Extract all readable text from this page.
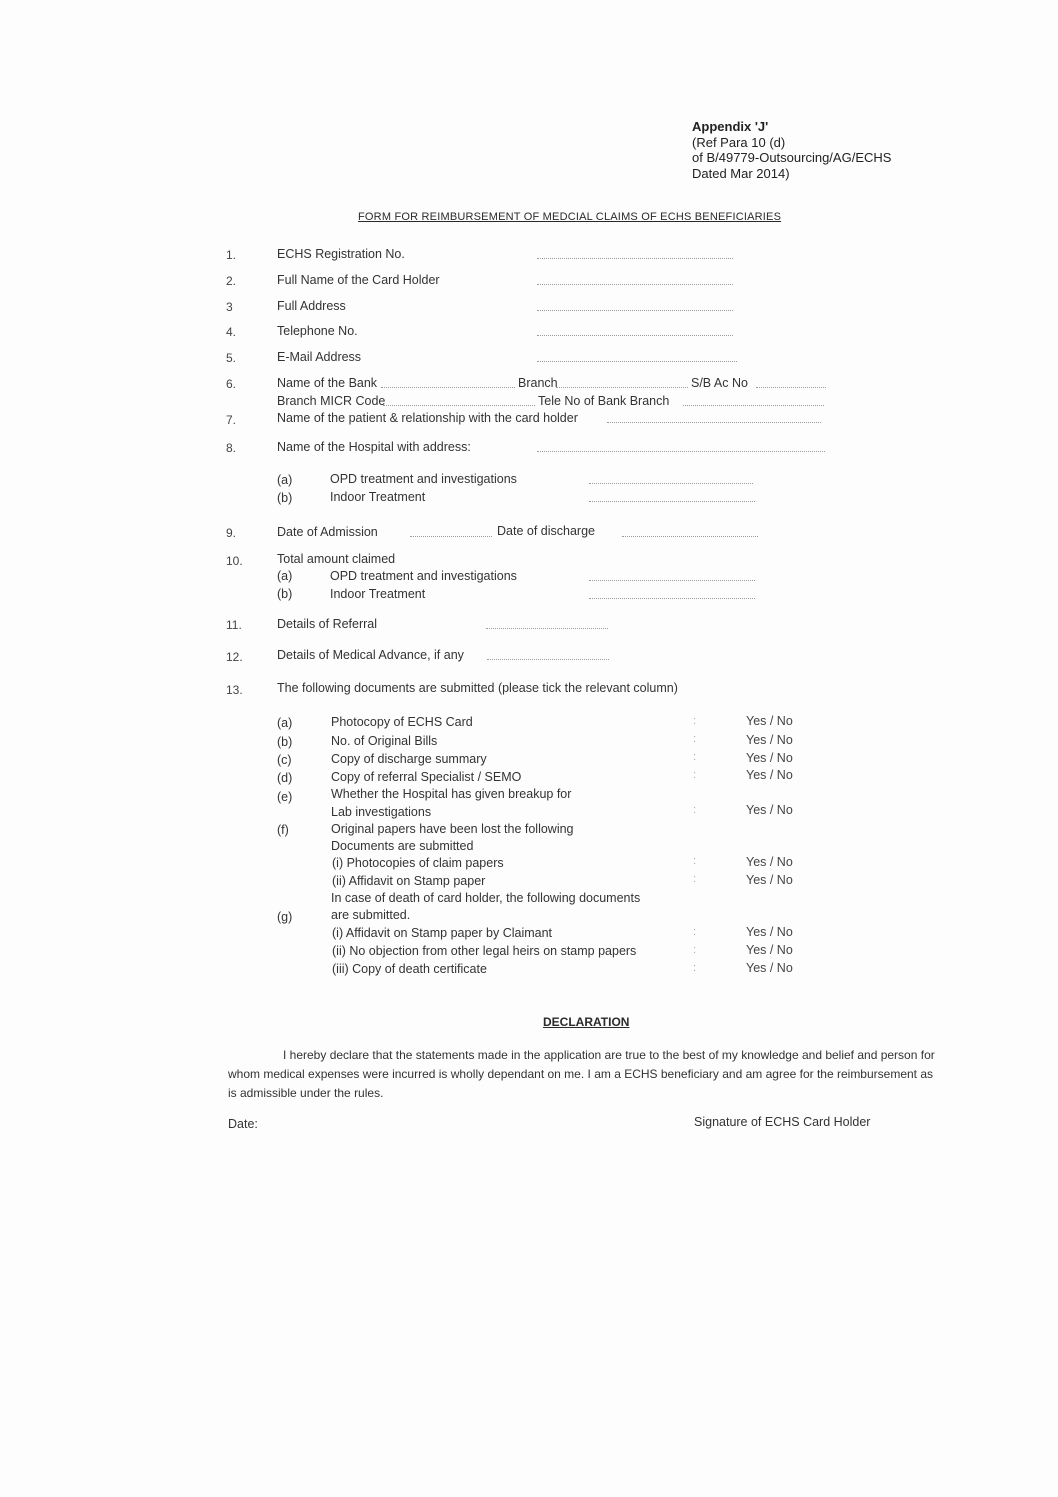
Appendix 'J'
(Ref Para 10 (d)
of B/49779-Outsourcing/AG/ECHS
Dated Mar 2014)
FORM FOR REIMBURSEMENT OF MEDCIAL CLAIMS OF ECHS BENEFICIARIES
1.	ECHS Registration No.
2.	Full Name of the Card Holder
3	Full Address
4.	Telephone No.
5.	E-Mail Address
6.	Name of the Bank	Branch	S/B Ac No
Branch MICR Code	Tele No of Bank Branch
7.	Name of the patient & relationship with the card holder
8.	Name of the Hospital with address:
(a)	OPD treatment and investigations
(b)	Indoor Treatment
9.	Date of Admission	Date of discharge
10.	Total amount claimed
(a)	OPD treatment and investigations
(b)	Indoor Treatment
11.	Details of Referral
12.	Details of Medical Advance, if any
13.	The following documents are submitted (please tick the relevant column)
(a)	Photocopy of ECHS Card	:	Yes / No
(b)	No. of Original Bills	:	Yes / No
(c)	Copy of discharge summary	:	Yes / No
(d)	Copy of referral Specialist / SEMO	:	Yes / No
(e)	Whether the Hospital has given breakup for
Lab investigations	:	Yes / No
(f)	Original papers have been lost the following
Documents are submitted
(i) Photocopies of claim papers	:	Yes / No
(ii) Affidavit on Stamp paper	:	Yes / No
(g)
In case of death of card holder, the following documents
are submitted.
(i) Affidavit on Stamp paper by Claimant	:	Yes / No
(ii) No objection from other legal heirs on stamp papers	:	Yes / No
(iii) Copy of death certificate	:	Yes / No
DECLARATION
I hereby declare that the statements made in the application are true to the best of my knowledge and belief and person for whom medical expenses were incurred is wholly dependant on me. I am a ECHS beneficiary and am agree for the reimbursement as is admissible under the rules.
Date:	Signature of ECHS Card Holder
